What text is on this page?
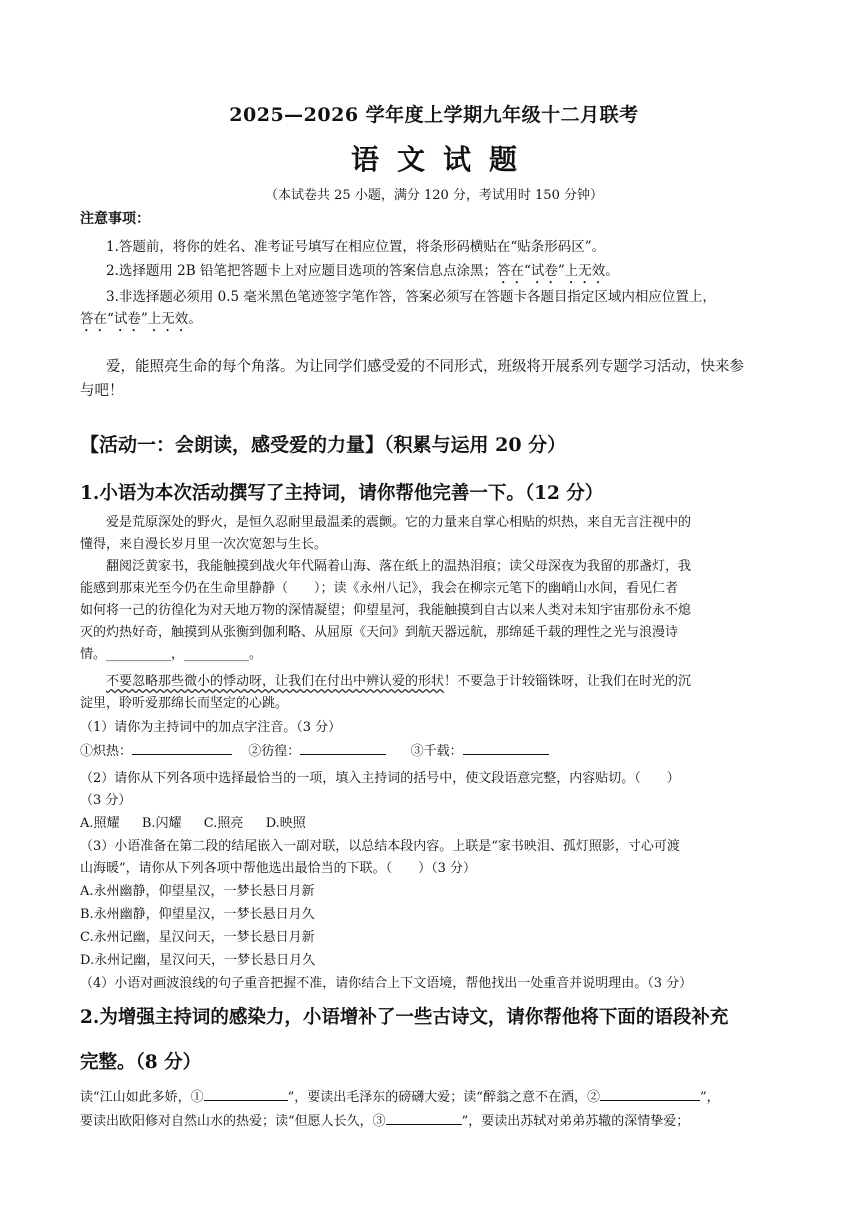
2025—2026 学年度上学期九年级十二月联考
语文试题
（本试卷共 25 小题，满分 120 分，考试用时 150 分钟）
注意事项：
1.答题前，将你的姓名、准考证号填写在相应位置，将条形码横贴在“贴条形码区”。
2.选择题用 2B 铅笔把答题卡上对应题目选项的答案信息点涂黑；答在“试卷”上无效。
3.非选择题必须用 0.5 毫米黑色笔迹签字笔作答，答案必须写在答题卡各题目指定区域内相应位置上，
答在“试卷”上无效。
爱，能照亮生命的每个角落。为让同学们感受爱的不同形式，班级将开展系列专题学习活动，快来参
与吧！
【活动一：会朗读，感受爱的力量】（积累与运用 20 分）
1.小语为本次活动撰写了主持词，请你帮他完善一下。（12 分）
爱是荒原深处的野火，是恒久忍耐里最温柔的震颤。它的力量来自掌心相贴的炽热，来自无言注视中的
懂得，来自漫长岁月里一次次宽恕与生长。
翻阅泛黄家书，我能触摸到战火年代隔着山海、落在纸上的温热泪痕；读父母深夜为我留的那盏灯，我
能感到那束光至今仍在生命里静静（　　）；读《永州八记》，我会在柳宗元笔下的幽峭山水间，看见仁者
如何将一己的彷徨化为对天地万物的深情凝望；仰望星河，我能触摸到自古以来人类对未知宇宙那份永不熄
灭的灼热好奇，触摸到从张衡到伽利略、从屈原《天问》到航天器远航，那绵延千载的理性之光与浪漫诗
情。__________，__________。
不要忽略那些微小的悸动呀，让我们在付出中辨认爱的形状！不要急于计较锱铢呀，让我们在时光的沉
淀里，聆听爱那绵长而坚定的心跳。
（1）请你为主持词中的加点字注音。（3 分）
①炽热：	②彷徨：	③千载：
（2）请你从下列各项中选择最恰当的一项，填入主持词的括号中，使文段语意完整，内容贴切。（　　）
（3 分）
A.照耀 B.闪耀 C.照亮 D.映照
（3）小语准备在第二段的结尾嵌入一副对联，以总结本段内容。上联是“家书映泪、孤灯照影，寸心可渡
山海暖”，请你从下列各项中帮他选出最恰当的下联。（　　）（3 分）
A.永州幽静，仰望星汉，一梦长悬日月新
B.永州幽静，仰望星汉，一梦长悬日月久
C.永州记幽，星汉问天，一梦长悬日月新
D.永州记幽，星汉问天，一梦长悬日月久
（4）小语对画波浪线的句子重音把握不准，请你结合上下文语境，帮他找出一处重音并说明理由。（3 分）
2.为增强主持词的感染力，小语增补了一些古诗文，请你帮他将下面的语段补充
完整。（8 分）
读“江山如此多娇，①	”，要读出毛泽东的磅礴大爱；读“醉翁之意不在酒，②	”，
要读出欧阳修对自然山水的热爱；读“但愿人长久，③	”，要读出苏轼对弟弟苏辙的深情挚爱；
